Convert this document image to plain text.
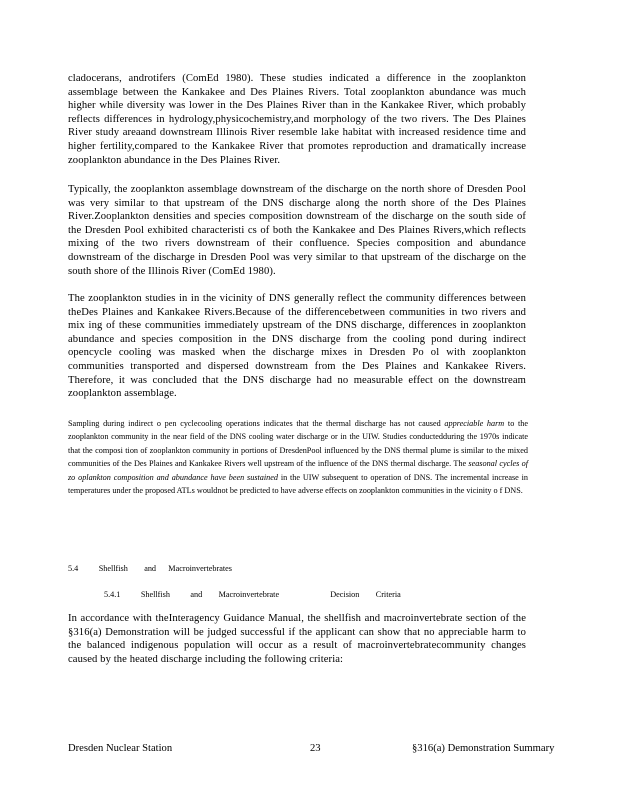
cladocerans, androtifers (ComEd 1980). These studies indicated a difference in the zooplankton assemblage between the Kankakee and Des Plaines Rivers. Total zooplankton abundance was much higher while diversity was lower in the Des Plaines River than in the Kankakee River, which probably reflects differences in hydrology,physicochemistry,and morphology of the two rivers. The Des Plaines River study areaand downstream Illinois River resemble lake habitat with increased residence time and higher fertility,compared to the Kankakee River that promotes reproduction and dramatically increase zooplankton abundance in the Des Plaines River.
Typically, the zooplankton assemblage downstream of the discharge on the north shore of Dresden Pool was very similar to that upstream of the DNS discharge along the north shore of the Des Plaines River.Zooplankton densities and species composition downstream of the discharge on the south side of the Dresden Pool exhibited characteristi cs of both the Kankakee and Des Plaines Rivers,which reflects mixing of the two rivers downstream of their confluence. Species composition and abundance downstream of the discharge in Dresden Pool was very similar to that upstream of the discharge on the south shore of the Illinois River (ComEd 1980).
The zooplankton studies in in the vicinity of DNS generally reflect the community differences between theDes Plaines and Kankakee Rivers.Because of the differencebetween communities in two rivers and mix ing of these communities immediately upstream of the DNS discharge, differences in zooplankton abundance and species composition in the DNS discharge from the cooling pond during indirect opencycle cooling was masked when the discharge mixes in Dresden Po ol with zooplankton communities transported and dispersed downstream from the Des Plaines and Kankakee Rivers. Therefore, it was concluded that the DNS discharge had no measurable effect on the downstream zooplankton assemblage.
Sampling during indirect o pen cyclecooling operations indicates that the thermal discharge has not caused appreciable harm to the zooplankton community in the near field of the DNS cooling water discharge or in the UIW. Studies conductedduring the 1970s indicate that the composi tion of zooplankton community in portions of DresdenPool influenced by the DNS thermal plume is similar to the mixed communities of the Des Plaines and Kankakee Rivers well upstream of the influence of the DNS thermal discharge. The seasonal cycles of zo oplankton composition and abundance have been sustained in the UIW subsequent to operation of DNS. The incremental increase in temperatures under the proposed ATLs wouldnot be predicted to have adverse effects on zooplankton communities in the vicinity o f DNS.
5.4          Shellfish        and      Macroinvertebrates
5.4.1          Shellfish          and        Macroinvertebrate                         Decision        Criteria
In accordance with theInteragency Guidance Manual, the shellfish and macroinvertebrate section of the §316(a) Demonstration will be judged successful if the applicant can show that no appreciable harm to the balanced indigenous population will occur as a result of macroinvertebratecommunity changes caused by the heated discharge including the following criteria:
Dresden Nuclear Station	23	§316(a) Demonstration Summary
